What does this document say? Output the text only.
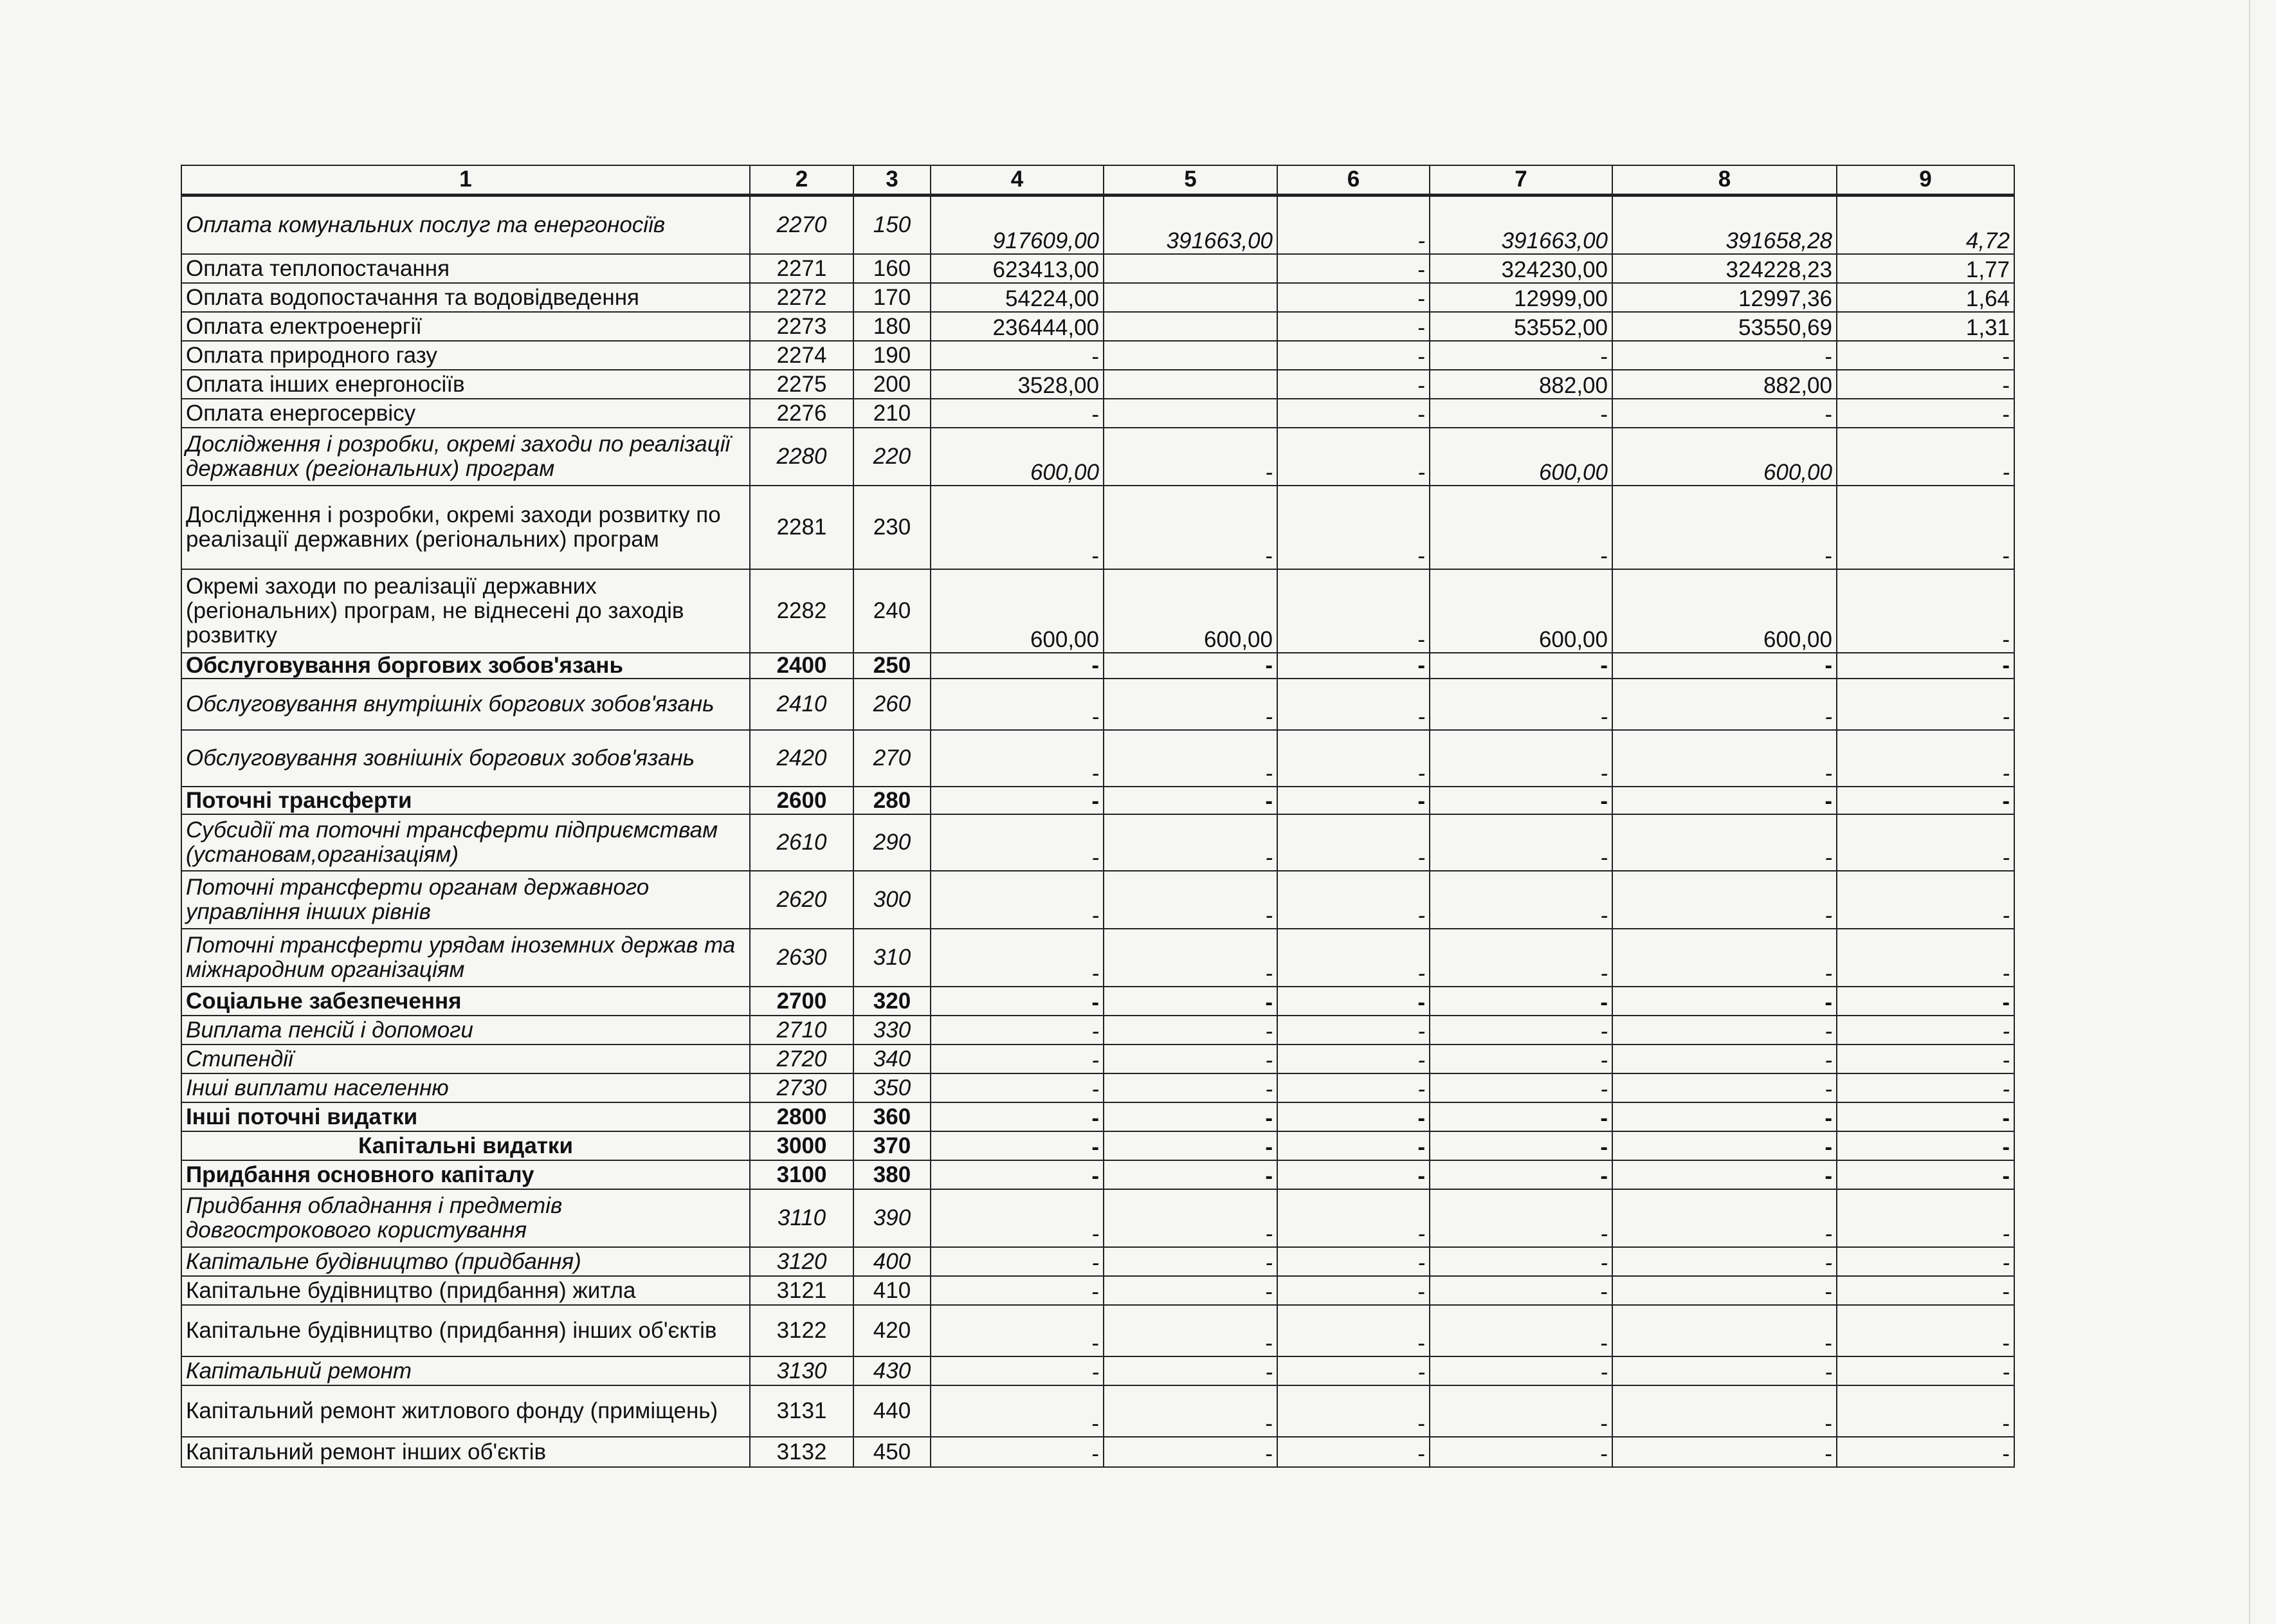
1	2	3	4	5	6	7	8	9
Оплата комунальних послуг та енергоносіїв	2270	150	917609,00	391663,00	-	391663,00	391658,28	4,72
Оплата теплопостачання	2271	160	623413,00		-	324230,00	324228,23	1,77
Оплата водопостачання та водовідведення	2272	170	54224,00		-	12999,00	12997,36	1,64
Оплата електроенергії	2273	180	236444,00		-	53552,00	53550,69	1,31
Оплата природного газу	2274	190	-		-	-	-	-
Оплата інших енергоносіїв	2275	200	3528,00		-	882,00	882,00	-
Оплата енергосервісу	2276	210	-		-	-	-	-
Дослідження і розробки, окремі заходи по реалізації державних (регіональних) програм	2280	220	600,00	-	-	600,00	600,00	-
Дослідження і розробки, окремі заходи розвитку по реалізації державних (регіональних) програм	2281	230	-	-	-	-	-	-
Окремі заходи по реалізації державних (регіональних) програм, не віднесені до заходів розвитку	2282	240	600,00	600,00	-	600,00	600,00	-
Обслуговування боргових зобов'язань	2400	250	-	-	-	-	-	-
Обслуговування внутрішніх боргових зобов'язань	2410	260	-	-	-	-	-	-
Обслуговування зовнішніх боргових зобов'язань	2420	270	-	-	-	-	-	-
Поточні трансферти	2600	280	-	-	-	-	-	-
Субсидії та поточні трансферти підприємствам (установам,організаціям)	2610	290	-	-	-	-	-	-
Поточні трансферти органам державного управління інших рівнів	2620	300	-	-	-	-	-	-
Поточні трансферти урядам іноземних держав та міжнародним організаціям	2630	310	-	-	-	-	-	-
Соціальне забезпечення	2700	320	-	-	-	-	-	-
Виплата пенсій і допомоги	2710	330	-	-	-	-	-	-
Стипендії	2720	340	-	-	-	-	-	-
Інші виплати населенню	2730	350	-	-	-	-	-	-
Інші поточні видатки	2800	360	-	-	-	-	-	-
Капітальні видатки	3000	370	-	-	-	-	-	-
Придбання основного капіталу	3100	380	-	-	-	-	-	-
Придбання обладнання і предметів довгострокового користування	3110	390	-	-	-	-	-	-
Капітальне будівництво (придбання)	3120	400	-	-	-	-	-	-
Капітальне будівництво (придбання) житла	3121	410	-	-	-	-	-	-
Капітальне будівництво (придбання) інших об'єктів	3122	420	-	-	-	-	-	-
Капітальний ремонт	3130	430	-	-	-	-	-	-
Капітальний ремонт житлового фонду (приміщень)	3131	440	-	-	-	-	-	-
Капітальний ремонт інших об'єктів	3132	450	-	-	-	-	-	-
